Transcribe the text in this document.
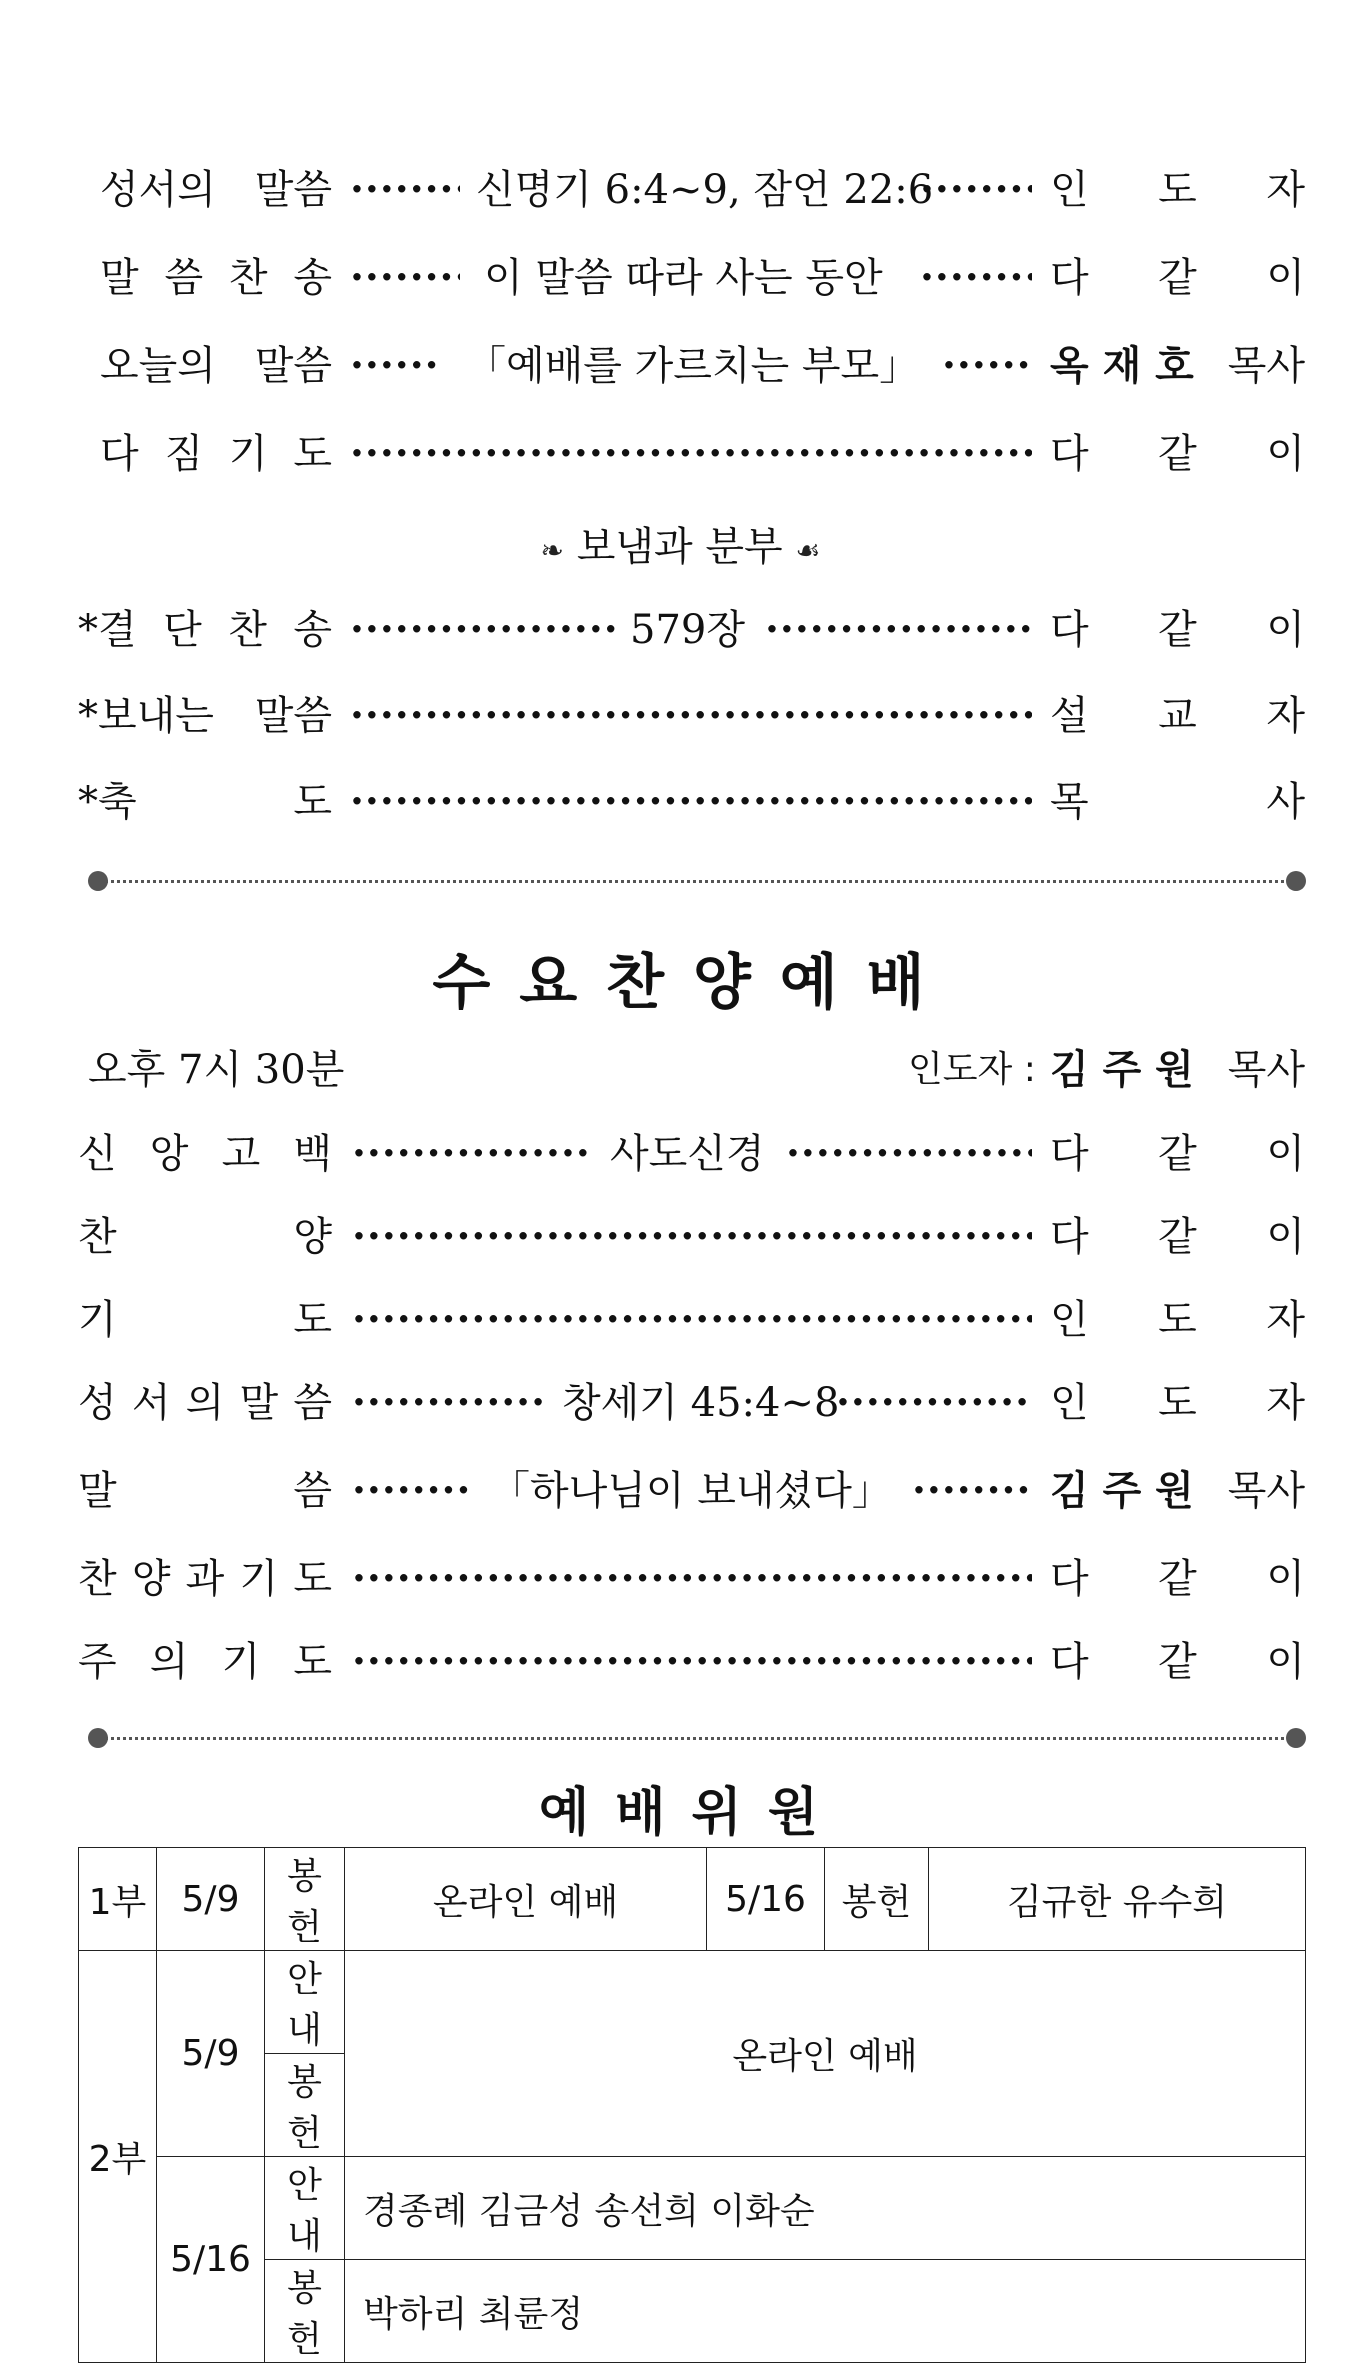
성서의 말씀 ·····	신명기 6:4~9, 잠언 22:6 ·····	인 도 자
말 씀 찬 송 ·····	이 말씀 따라 사는 동안 ·····	다 같 이
오늘의 말씀 ·····	「예배를 가르치는 부모」 ·····	옥 재 호 목사
다 짐 기 도 ·····	다 같 이
❧ 보냄과 분부 ☙
*결 단 찬 송 ·····	579장 ·····	다 같 이
*보내는 말씀 ·····	설 교 자
*축	도 ·····	목	사
수 요 찬 양 예 배
오후 7시 30분	인도자 : 김 주 원 목사
신 앙 고 백 ·····	사도신경 ·····	다 같 이
찬	양 ·····	다 같 이
기	도 ·····	인 도 자
성 서 의 말 씀 ·····	창세기 45:4~8 ·····	인 도 자
말	씀 ·····	「하나님이 보내셨다」 ·····	김 주 원 목사
찬 양 과 기 도 ·····	다 같 이
주 의 기 도 ·····	다 같 이
예 배 위 원
1부	5/9	봉헌	온라인 예배	5/16	봉헌	김규한 유수희
2부	5/9	안내	온라인 예배			
		봉헌				
	5/16	안내	경종례 김금성 송선희 이화순			
		봉헌	박하리 최륜정			
